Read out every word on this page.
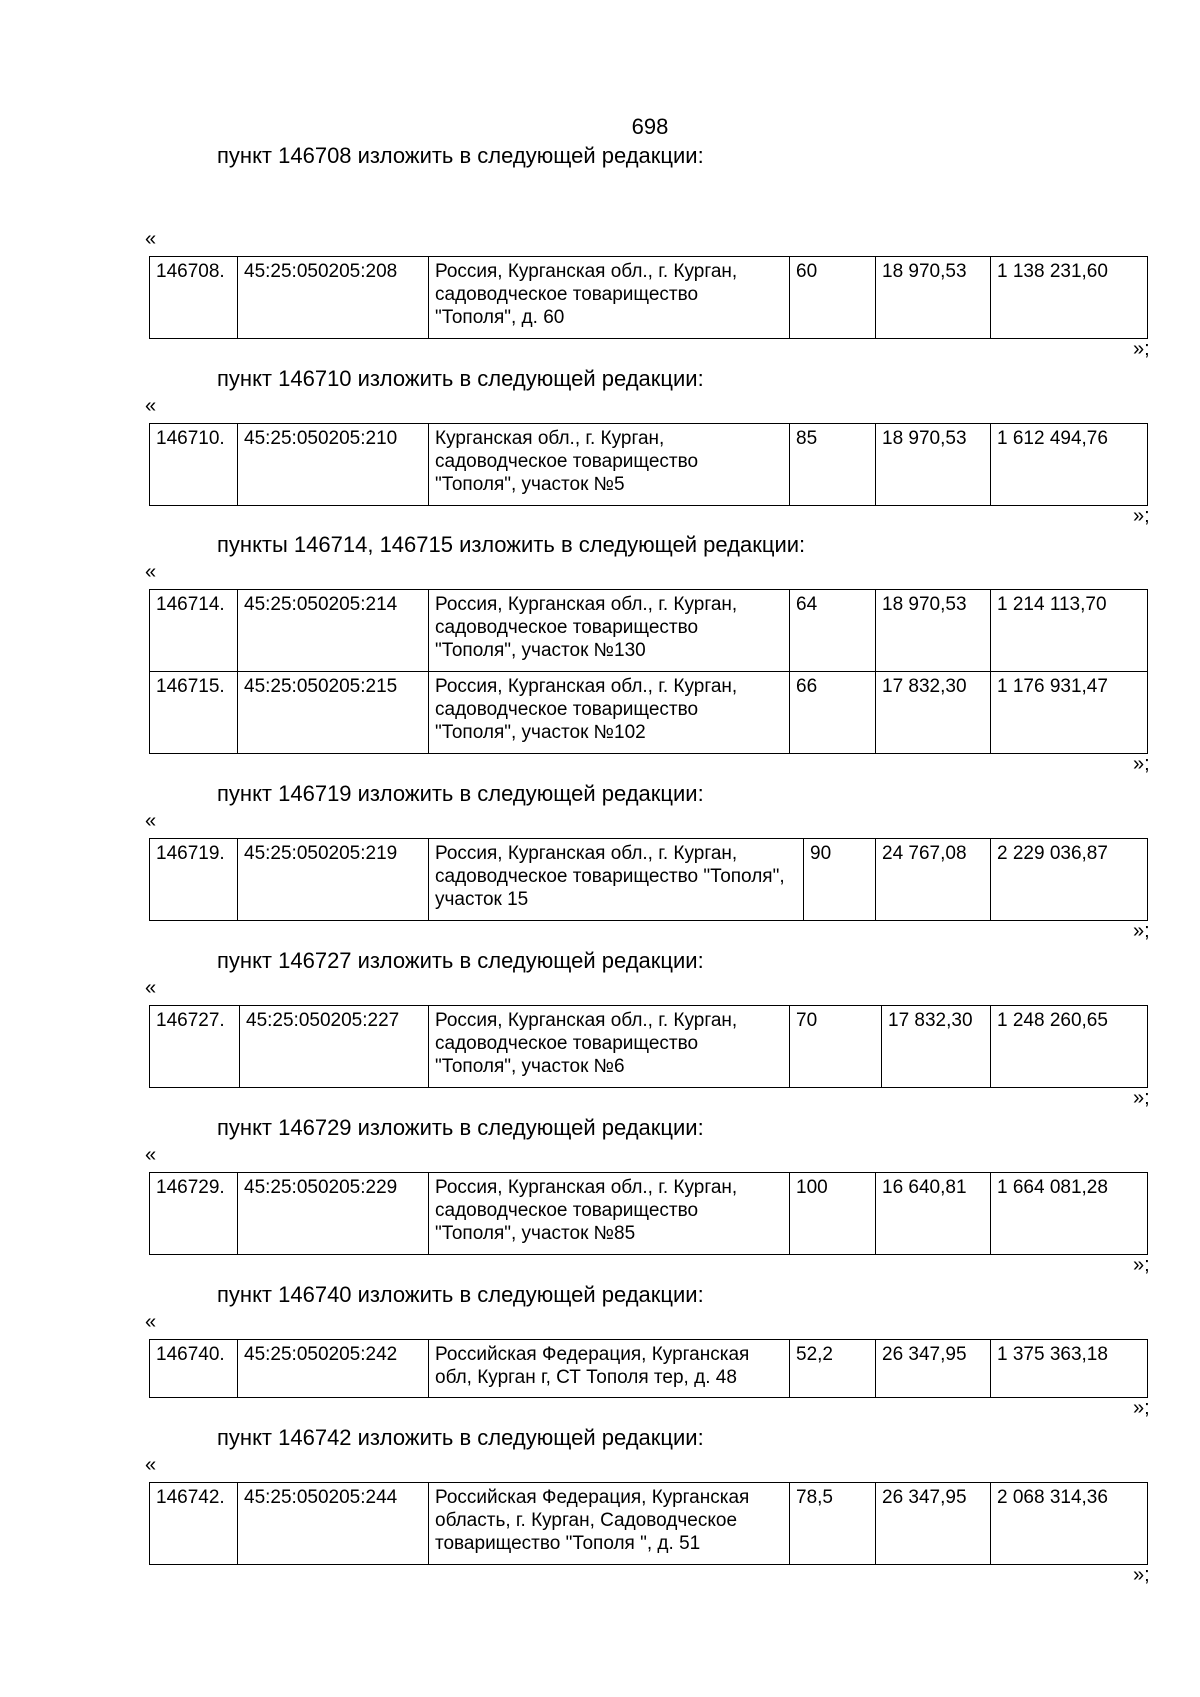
698
пункт 146708 изложить в следующей редакции:
«
146708.	45:25:050205:208	Россия, Курганская обл., г. Курган, садоводческое товарищество "Тополя", д. 60	60	18 970,53	1 138 231,60
»;
пункт 146710 изложить в следующей редакции:
«
146710.	45:25:050205:210	Курганская обл., г. Курган, садоводческое товарищество "Тополя", участок №5	85	18 970,53	1 612 494,76
»;
пункты 146714, 146715 изложить в следующей редакции:
«
146714.	45:25:050205:214	Россия, Курганская обл., г. Курган, садоводческое товарищество "Тополя", участок №130	64	18 970,53	1 214 113,70
146715.	45:25:050205:215	Россия, Курганская обл., г. Курган, садоводческое товарищество "Тополя", участок №102	66	17 832,30	1 176 931,47
»;
пункт 146719 изложить в следующей редакции:
«
146719.	45:25:050205:219	Россия, Курганская обл., г. Курган, садоводческое товарищество "Тополя", участок 15	90	24 767,08	2 229 036,87
»;
пункт 146727 изложить в следующей редакции:
«
146727.	45:25:050205:227	Россия, Курганская обл., г. Курган, садоводческое товарищество "Тополя", участок №6	70	17 832,30	1 248 260,65
»;
пункт 146729 изложить в следующей редакции:
«
146729.	45:25:050205:229	Россия, Курганская обл., г. Курган, садоводческое товарищество "Тополя", участок №85	100	16 640,81	1 664 081,28
»;
пункт 146740 изложить в следующей редакции:
«
146740.	45:25:050205:242	Российская Федерация, Курганская обл, Курган г, СТ Тополя тер, д. 48	52,2	26 347,95	1 375 363,18
»;
пункт 146742 изложить в следующей редакции:
«
146742.	45:25:050205:244	Российская Федерация, Курганская область, г. Курган, Садоводческое товарищество "Тополя ", д. 51	78,5	26 347,95	2 068 314,36
»;
